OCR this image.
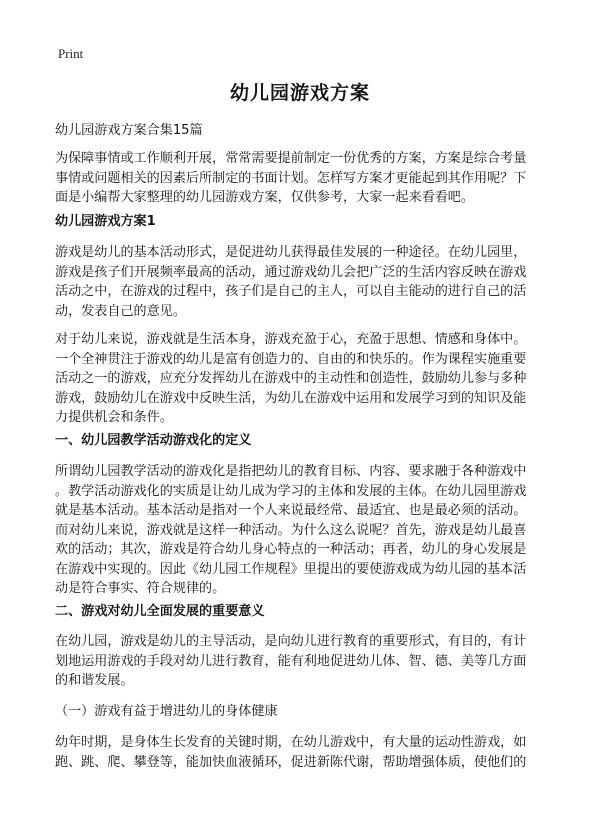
Print
幼儿园游戏方案
幼儿园游戏方案合集15篇
为保障事情或工作顺利开展，常常需要提前制定一份优秀的方案，方案是综合考量
事情或问题相关的因素后所制定的书面计划。怎样写方案才更能起到其作用呢？下
面是小编帮大家整理的幼儿园游戏方案，仅供参考，大家一起来看看吧。
幼儿园游戏方案1
游戏是幼儿的基本活动形式，是促进幼儿获得最佳发展的一种途径。在幼儿园里，
游戏是孩子们开展频率最高的活动，通过游戏幼儿会把广泛的生活内容反映在游戏
活动之中，在游戏的过程中，孩子们是自己的主人，可以自主能动的进行自己的活
动，发表自己的意见。
对于幼儿来说，游戏就是生活本身，游戏充盈于心，充盈于思想、情感和身体中。
一个全神贯注于游戏的幼儿是富有创造力的、自由的和快乐的。作为课程实施重要
活动之一的游戏，应充分发挥幼儿在游戏中的主动性和创造性，鼓励幼儿参与多种
游戏，鼓励幼儿在游戏中反映生活，为幼儿在游戏中运用和发展学习到的知识及能
力提供机会和条件。
一、幼儿园教学活动游戏化的定义
所谓幼儿园教学活动的游戏化是指把幼儿的教育目标、内容、要求融于各种游戏中
。教学活动游戏化的实质是让幼儿成为学习的主体和发展的主体。在幼儿园里游戏
就是基本活动。基本活动是指对一个人来说最经常、最适宜、也是最必须的活动。
而对幼儿来说，游戏就是这样一种活动。为什么这么说呢？首先，游戏是幼儿最喜
欢的活动；其次，游戏是符合幼儿身心特点的一种活动；再者，幼儿的身心发展是
在游戏中实现的。因此《幼儿园工作规程》里提出的要使游戏成为幼儿园的基本活
动是符合事实、符合规律的。
二、游戏对幼儿全面发展的重要意义
在幼儿园，游戏是幼儿的主导活动，是向幼儿进行教育的重要形式，有目的，有计
划地运用游戏的手段对幼儿进行教育，能有利地促进幼儿体、智、德、美等几方面
的和谐发展。
（一）游戏有益于增进幼儿的身体健康
幼年时期，是身体生长发育的关键时期，在幼儿游戏中，有大量的运动性游戏，如
跑、跳、爬、攀登等，能加快血液循环，促进新陈代谢，帮助增强体质，使他们的
